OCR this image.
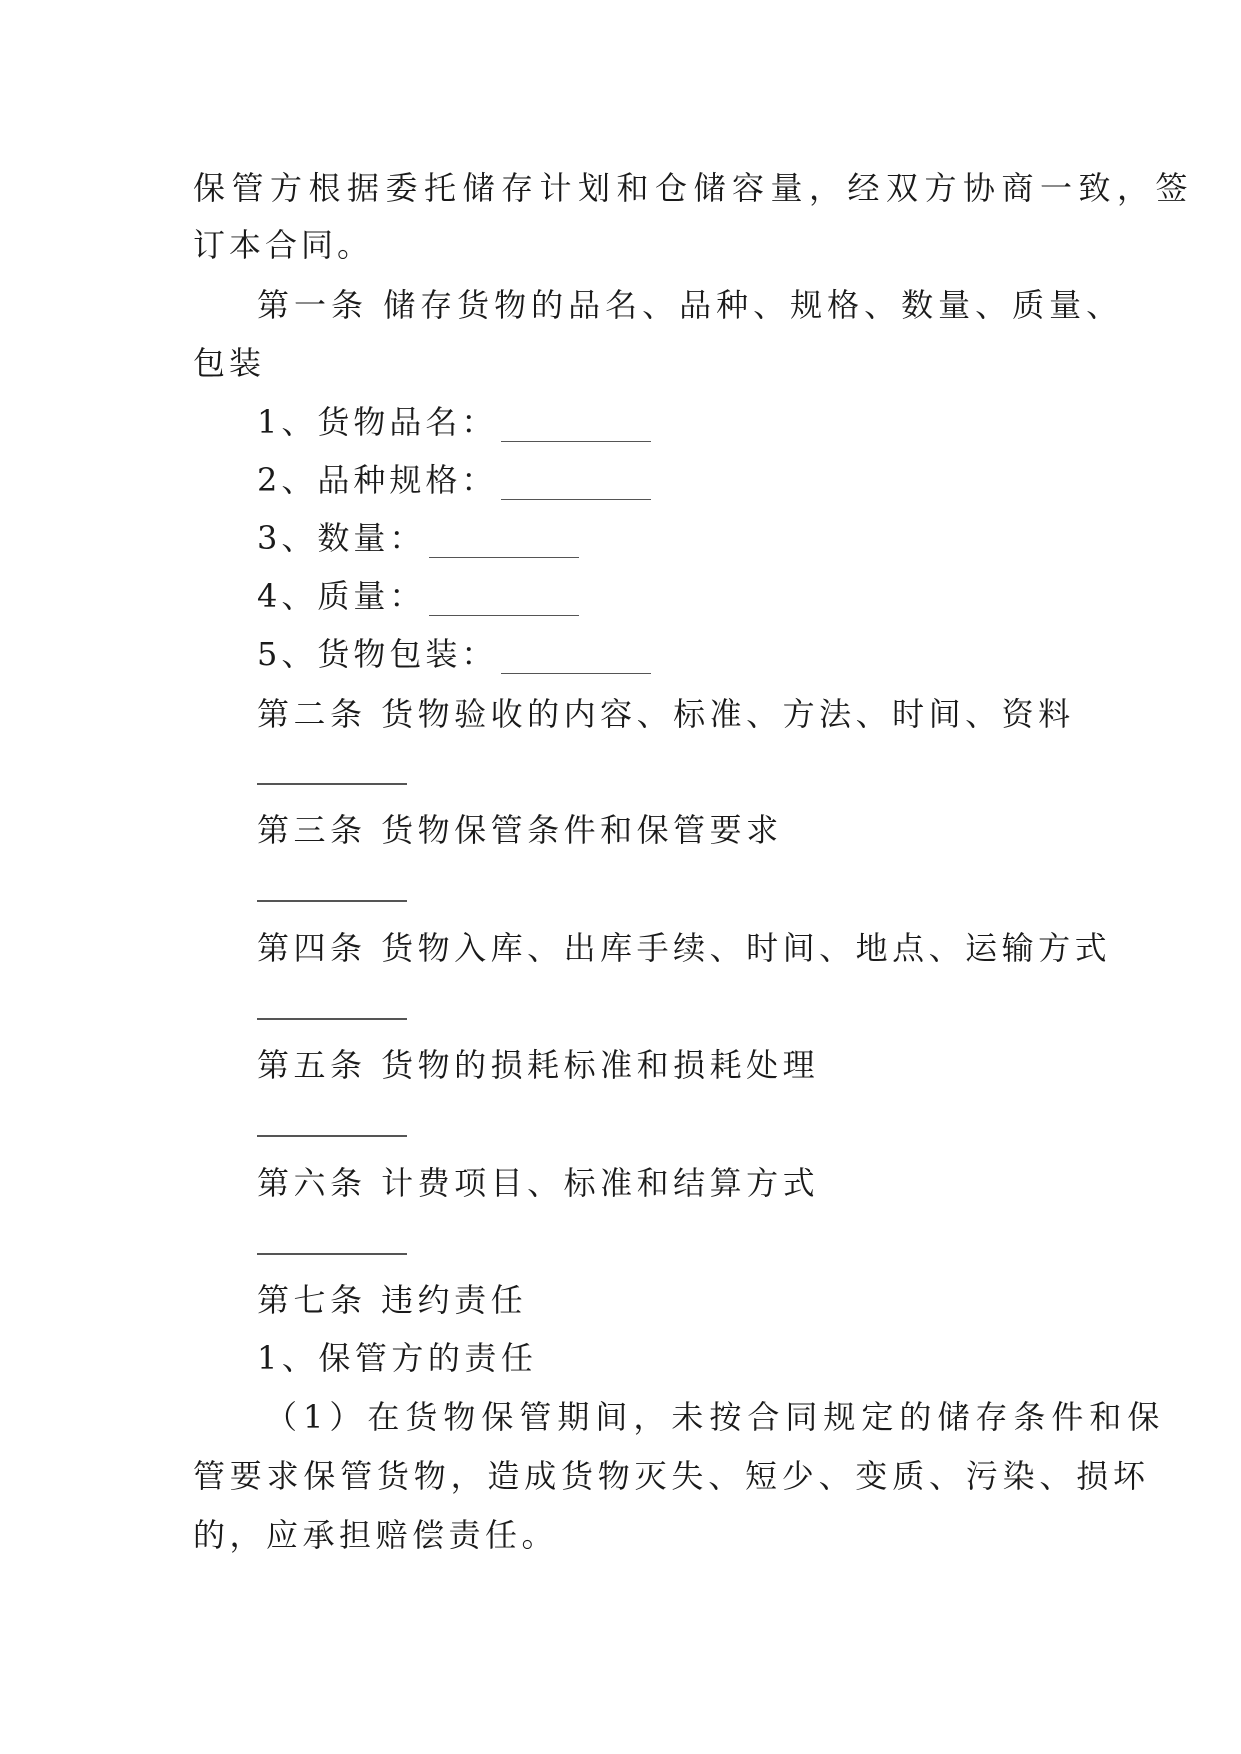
保管方根据委托储存计划和仓储容量，经双方协商一致，签
订本合同。
第一条 储存货物的品名、品种、规格、数量、质量、
包装
1、货物品名：
2、品种规格：
3、数量：
4、质量：
5、货物包装：
第二条 货物验收的内容、标准、方法、时间、资料
第三条 货物保管条件和保管要求
第四条 货物入库、出库手续、时间、地点、运输方式
第五条 货物的损耗标准和损耗处理
第六条 计费项目、标准和结算方式
第七条 违约责任
1、保管方的责任
（1）在货物保管期间，未按合同规定的储存条件和保
管要求保管货物，造成货物灭失、短少、变质、污染、损坏
的，应承担赔偿责任。
